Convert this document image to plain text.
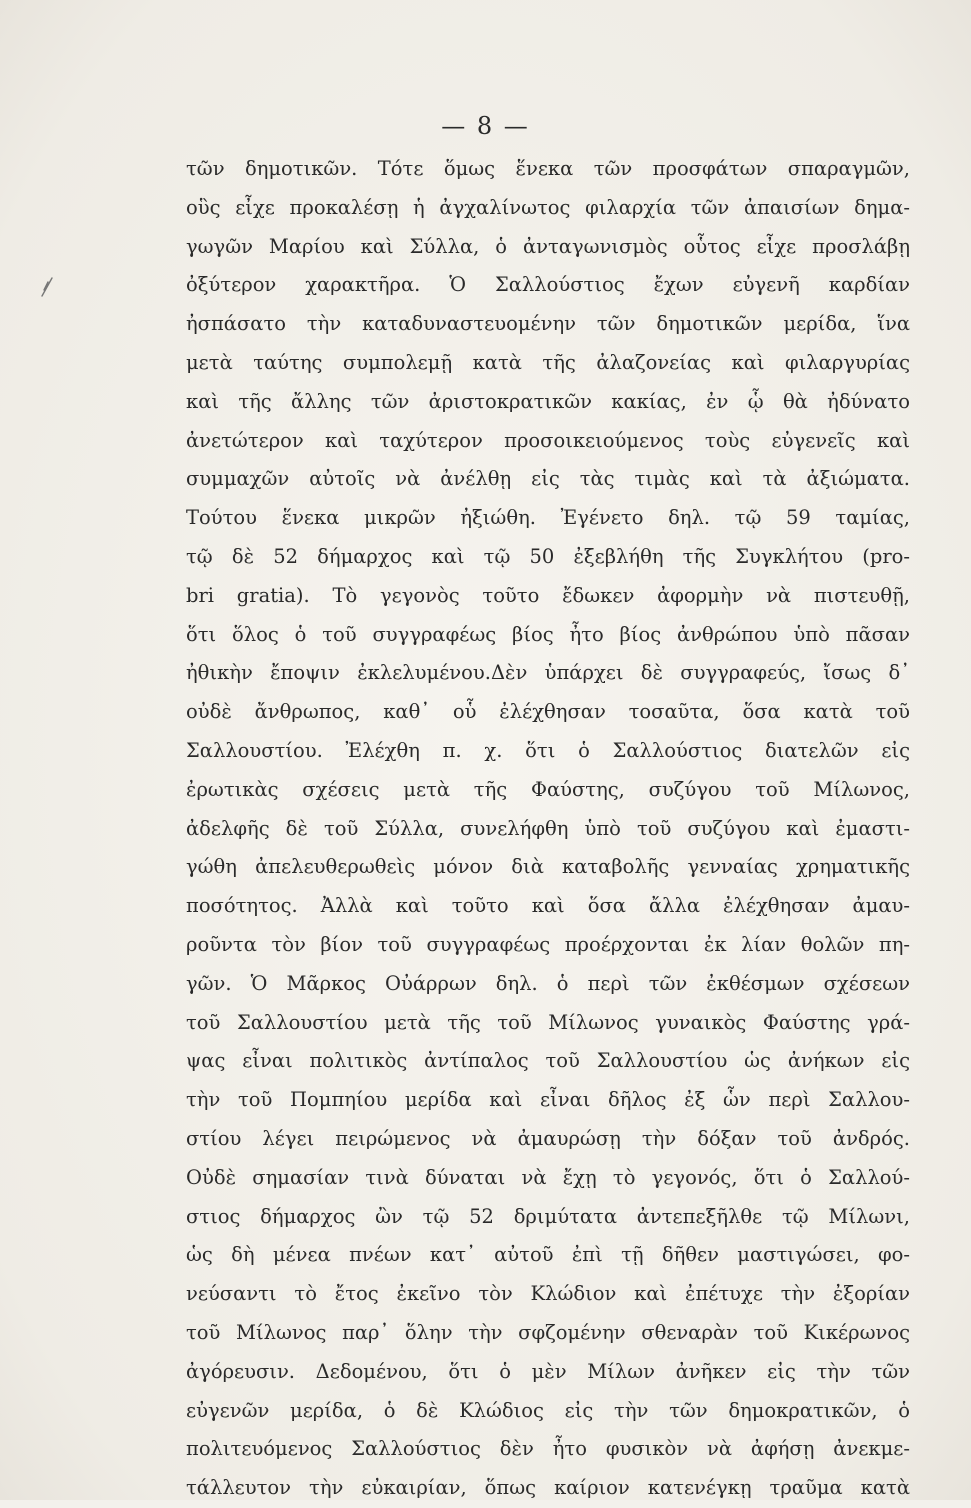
— 8 —
τῶν δημοτικῶν. Τότε ὅμως ἕνεκα τῶν προσφάτων σπαραγμῶν,
οὓς εἶχε προκαλέσῃ ἡ ἀγχαλίνωτος φιλαρχία τῶν ἀπαισίων δημα-
γωγῶν Μαρίου καὶ Σύλλα, ὁ ἀνταγωνισμὸς οὗτος εἶχε προσλάβῃ
ὀξύτερον χαρακτῆρα. Ὁ Σαλλούστιος ἔχων εὐγενῆ καρδίαν
ἠσπάσατο τὴν καταδυναστευομένην τῶν δημοτικῶν μερίδα, ἵνα
μετὰ ταύτης συμπολεμῇ κατὰ τῆς ἀλαζονείας καὶ φιλαργυρίας
καὶ τῆς ἄλλης τῶν ἀριστοκρατικῶν κακίας, ἐν ᾧ θὰ ἠδύνατο
ἀνετώτερον καὶ ταχύτερον προσοικειούμενος τοὺς εὐγενεῖς καὶ
συμμαχῶν αὐτοῖς νὰ ἀνέλθῃ εἰς τὰς τιμὰς καὶ τὰ ἀξιώματα.
Τούτου ἕνεκα μικρῶν ἠξιώθη. Ἐγένετο δηλ. τῷ 59 ταμίας,
τῷ δὲ 52 δήμαρχος καὶ τῷ 50 ἐξεβλήθη τῆς Συγκλήτου (pro-
bri gratia). Τὸ γεγονὸς τοῦτο ἔδωκεν ἀφορμὴν νὰ πιστευθῇ,
ὅτι ὅλος ὁ τοῦ συγγραφέως βίος ἦτο βίος ἀνθρώπου ὑπὸ πᾶσαν
ἠθικὴν ἔποψιν ἐκλελυμένου.Δὲν ὑπάρχει δὲ συγγραφεύς, ἴσως δ᾽
οὐδὲ ἄνθρωπος, καθ᾽ οὗ ἐλέχθησαν τοσαῦτα, ὅσα κατὰ τοῦ
Σαλλουστίου. Ἐλέχθη π. χ. ὅτι ὁ Σαλλούστιος διατελῶν εἰς
ἐρωτικὰς σχέσεις μετὰ τῆς Φαύστης, συζύγου τοῦ Μίλωνος,
ἀδελφῆς δὲ τοῦ Σύλλα, συνελήφθη ὑπὸ τοῦ συζύγου καὶ ἐμαστι-
γώθη ἀπελευθερωθεὶς μόνον διὰ καταβολῆς γενναίας χρηματικῆς
ποσότητος. Ἀλλὰ καὶ τοῦτο καὶ ὅσα ἄλλα ἐλέχθησαν ἀμαυ-
ροῦντα τὸν βίον τοῦ συγγραφέως προέρχονται ἐκ λίαν θολῶν πη-
γῶν. Ὁ Μᾶρκος Οὐάρρων δηλ. ὁ περὶ τῶν ἐκθέσμων σχέσεων
τοῦ Σαλλουστίου μετὰ τῆς τοῦ Μίλωνος γυναικὸς Φαύστης γρά-
ψας εἶναι πολιτικὸς ἀντίπαλος τοῦ Σαλλουστίου ὡς ἀνήκων εἰς
τὴν τοῦ Πομπηίου μερίδα καὶ εἶναι δῆλος ἐξ ὧν περὶ Σαλλου-
στίου λέγει πειρώμενος νὰ ἀμαυρώσῃ τὴν δόξαν τοῦ ἀνδρός.
Οὐδὲ σημασίαν τινὰ δύναται νὰ ἔχῃ τὸ γεγονός, ὅτι ὁ Σαλλού-
στιος δήμαρχος ὢν τῷ 52 δριμύτατα ἀντεπεξῆλθε τῷ Μίλωνι,
ὡς δὴ μένεα πνέων κατ᾽ αὐτοῦ ἐπὶ τῇ δῆθεν μαστιγώσει, φο-
νεύσαντι τὸ ἔτος ἐκεῖνο τὸν Κλώδιον καὶ ἐπέτυχε τὴν ἐξορίαν
τοῦ Μίλωνος παρ᾽ ὅλην τὴν σφζομένην σθεναρὰν τοῦ Κικέρωνος
ἀγόρευσιν. Δεδομένου, ὅτι ὁ μὲν Μίλων ἀνῆκεν εἰς τὴν τῶν
εὐγενῶν μερίδα, ὁ δὲ Κλώδιος εἰς τὴν τῶν δημοκρατικῶν, ὁ
πολιτευόμενος Σαλλούστιος δὲν ἦτο φυσικὸν νὰ ἀφήσῃ ἀνεκμε-
τάλλευτον τὴν εὐκαιρίαν, ὅπως καίριον κατενέγκῃ τραῦμα κατὰ
